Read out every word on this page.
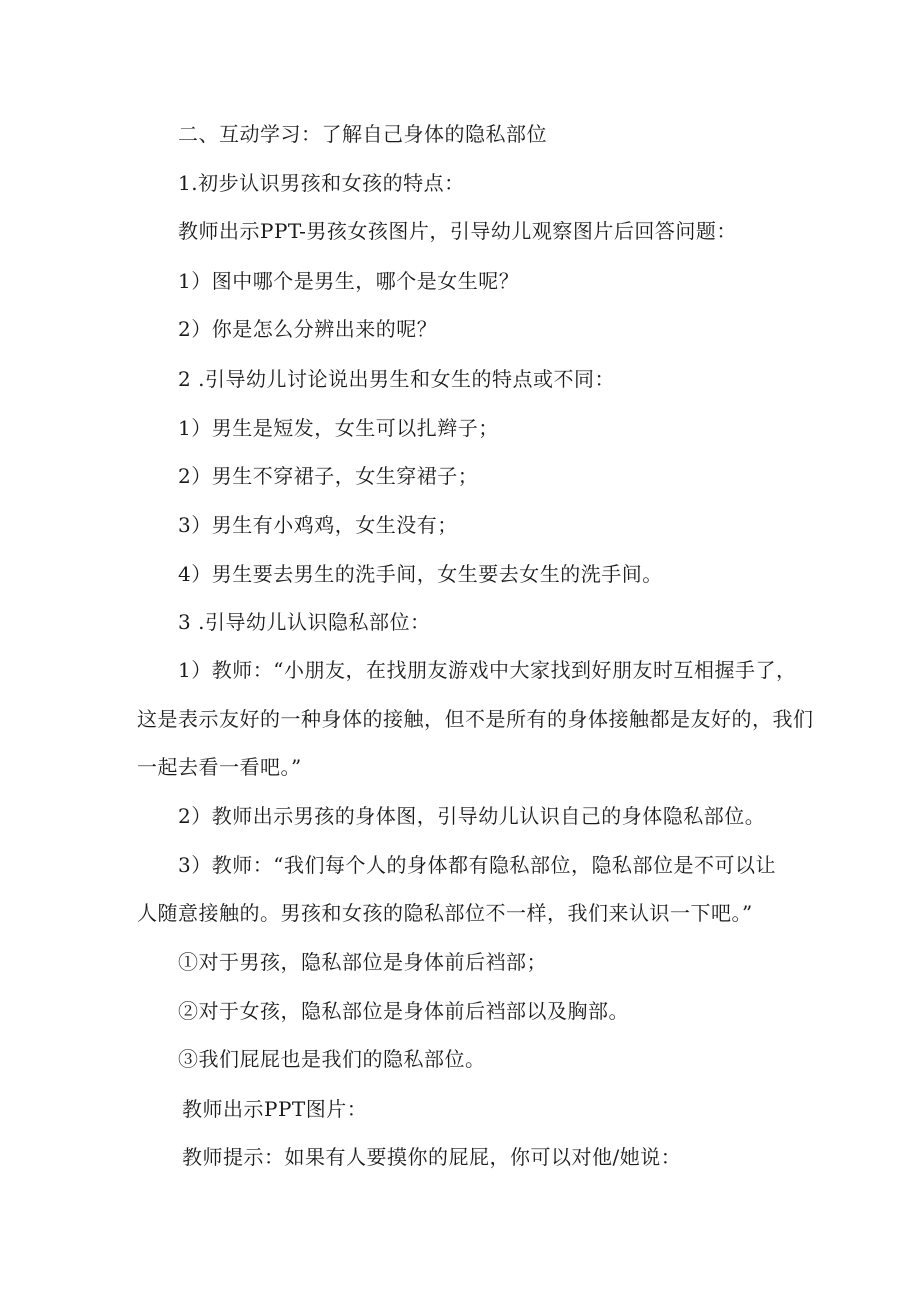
二、互动学习：了解自己身体的隐私部位
1.初步认识男孩和女孩的特点：
教师出示PPT-男孩女孩图片，引导幼儿观察图片后回答问题：
1）图中哪个是男生，哪个是女生呢？
2）你是怎么分辨出来的呢？
2 .引导幼儿讨论说出男生和女生的特点或不同：
1）男生是短发，女生可以扎辫子；
2）男生不穿裙子，女生穿裙子；
3）男生有小鸡鸡，女生没有；
4）男生要去男生的洗手间，女生要去女生的洗手间。
3 .引导幼儿认识隐私部位：
1）教师：“小朋友，在找朋友游戏中大家找到好朋友时互相握手了，
这是表示友好的一种身体的接触，但不是所有的身体接触都是友好的，我们
一起去看一看吧。”
2）教师出示男孩的身体图，引导幼儿认识自己的身体隐私部位。
3）教师：“我们每个人的身体都有隐私部位，隐私部位是不可以让
人随意接触的。男孩和女孩的隐私部位不一样，我们来认识一下吧。”
①对于男孩，隐私部位是身体前后裆部；
②对于女孩，隐私部位是身体前后裆部以及胸部。
③我们屁屁也是我们的隐私部位。
教师出示PPT图片：
教师提示：如果有人要摸你的屁屁，你可以对他/她说：
